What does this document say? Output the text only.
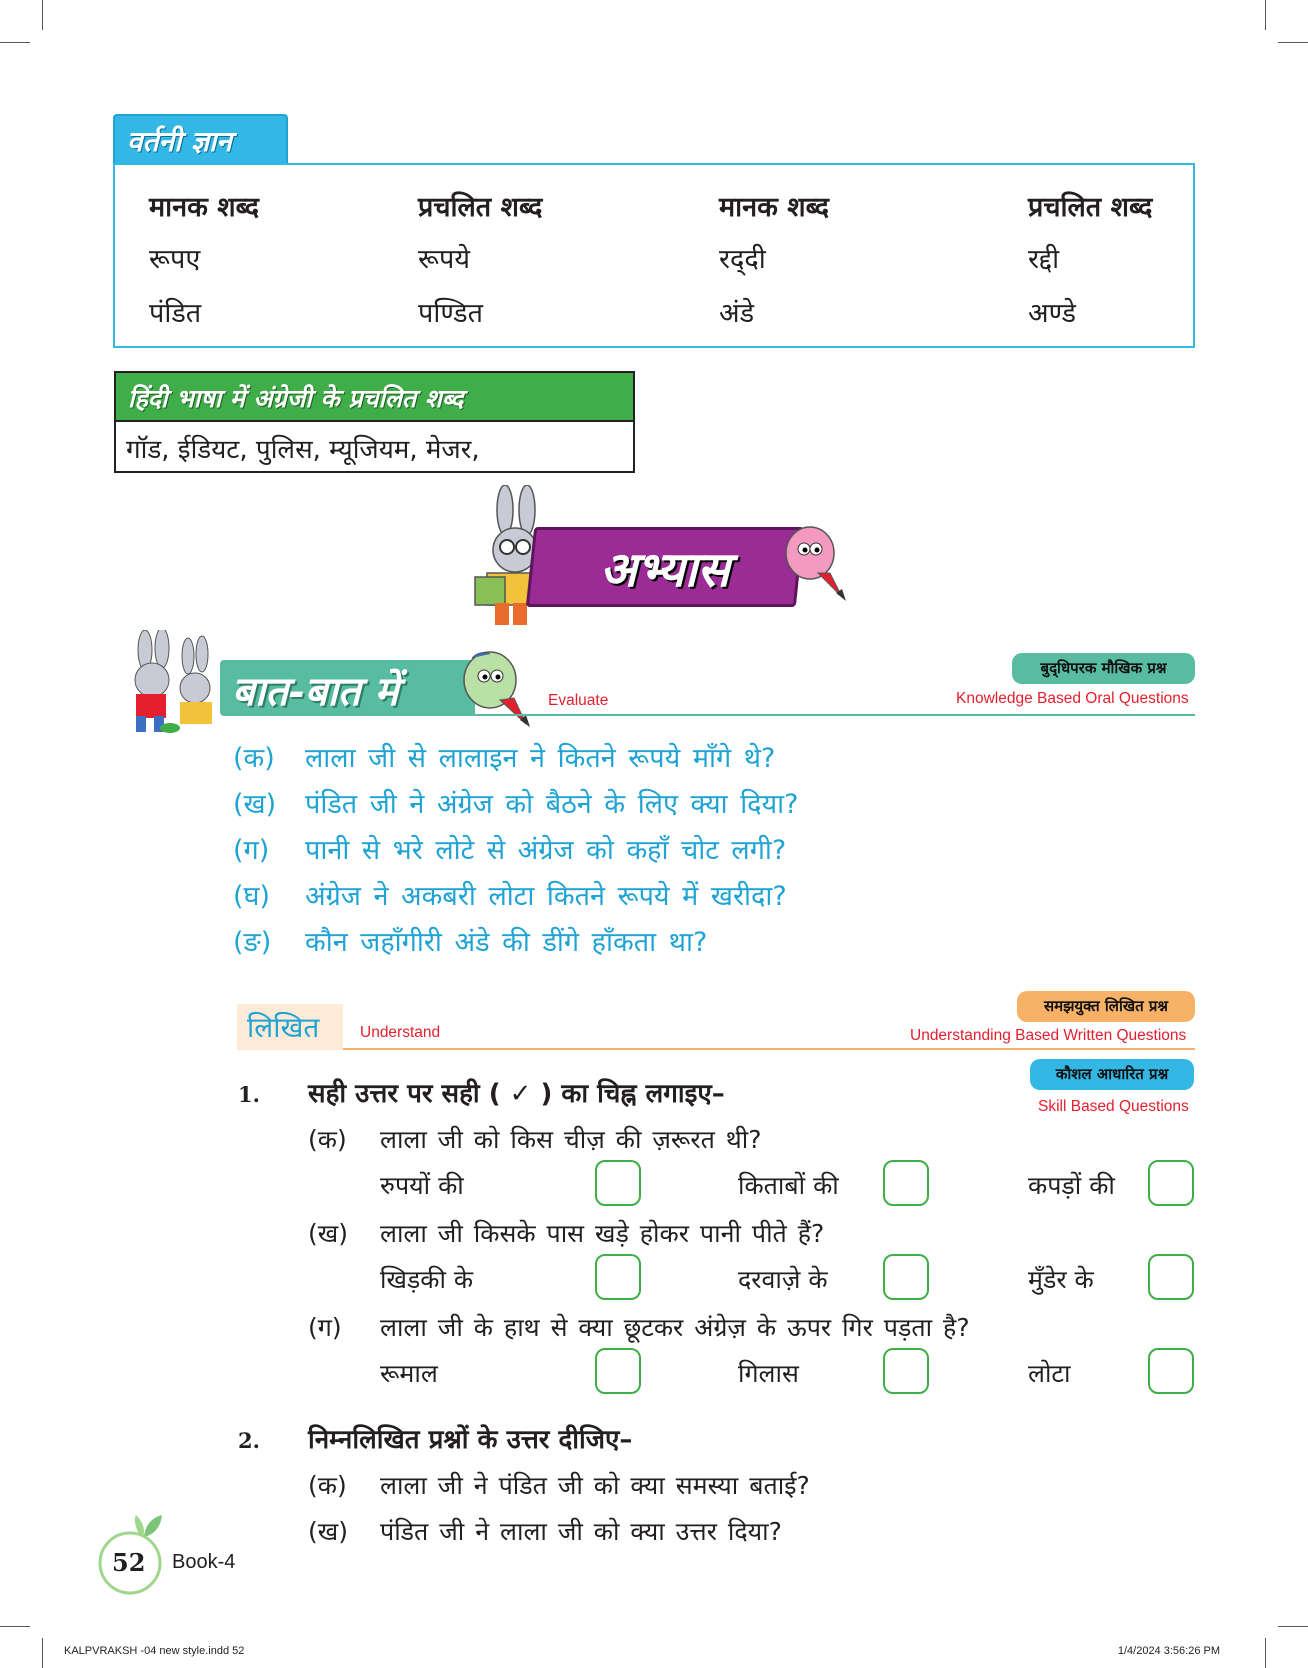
वर्तनी ज्ञान
मानक शब्द	प्रचलित शब्द	मानक शब्द	प्रचलित शब्द
रूपए	रूपये	रद्‌दी	रद्दी
पंडित	पण्डित	अंडे	अण्डे
हिंदी भाषा में अंग्रेजी के प्रचलित शब्द
गॉड, ईडियट, पुलिस, म्यूजियम, मेजर,
अभ्यास
बात-बात में	Evaluate
बुद्‌धिपरक मौखिक प्रश्न
Knowledge Based Oral Questions
(क) लाला जी से लालाइन ने कितने रूपये माँगे थे?
(ख) पंडित जी ने अंग्रेज को बैठने के लिए क्या दिया?
(ग) पानी से भरे लोटे से अंग्रेज को कहाँ चोट लगी?
(घ) अंग्रेज ने अकबरी लोटा कितने रूपये में खरीदा?
(ङ) कौन जहाँगीरी अंडे की डींगे हाँकता था?
लिखित	Understand
समझयुक्त लिखित प्रश्न
Understanding Based Written Questions
कौशल आधारित प्रश्न
Skill Based Questions
1. सही उत्तर पर सही ( ✓ ) का चिह्न लगाइए–
(क) लाला जी को किस चीज़ की ज़रूरत थी?
रुपयों की	किताबों की	कपड़ों की
(ख) लाला जी किसके पास खड़े होकर पानी पीते हैं?
खिड़की के	दरवाज़े के	मुँडेर के
(ग) लाला जी के हाथ से क्या छूटकर अंग्रेज़ के ऊपर गिर पड़ता है?
रूमाल	गिलास	लोटा
2. निम्नलिखित प्रश्नों के उत्तर दीजिए–
(क) लाला जी ने पंडित जी को क्या समस्या बताई?
(ख) पंडित जी ने लाला जी को क्या उत्तर दिया?
52 Book-4
KALPVRAKSH -04 new style.indd 52	1/4/2024 3:56:26 PM
